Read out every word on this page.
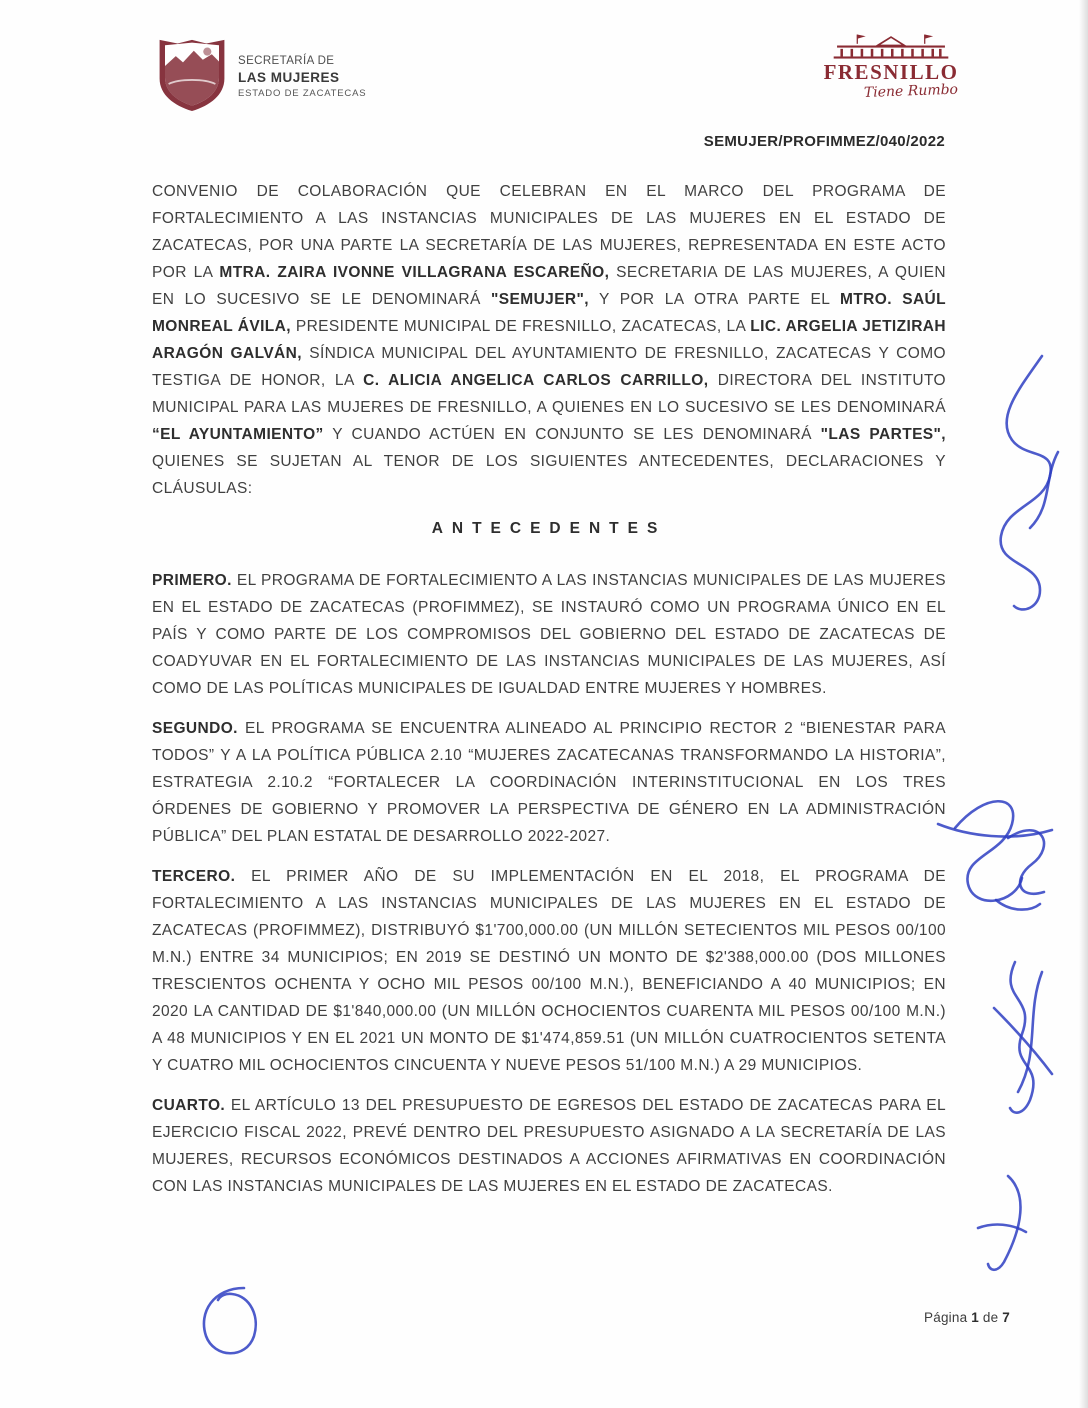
SECRETARÍA DE
LAS MUJERES
ESTADO DE ZACATECAS
FRESNILLO
Tiene Rumbo
SEMUJER/PROFIMMEZ/040/2022

CONVENIO DE COLABORACIÓN QUE CELEBRAN EN EL MARCO DEL PROGRAMA DE FORTALECIMIENTO A LAS INSTANCIAS MUNICIPALES DE LAS MUJERES EN EL ESTADO DE ZACATECAS, POR UNA PARTE LA SECRETARÍA DE LAS MUJERES, REPRESENTADA EN ESTE ACTO POR LA MTRA. ZAIRA IVONNE VILLAGRANA ESCAREÑO, SECRETARIA DE LAS MUJERES, A QUIEN EN LO SUCESIVO SE LE DENOMINARÁ "SEMUJER", Y POR LA OTRA PARTE EL MTRO. SAÚL MONREAL ÁVILA, PRESIDENTE MUNICIPAL DE FRESNILLO, ZACATECAS, LA LIC. ARGELIA JETIZIRAH ARAGÓN GALVÁN, SÍNDICA MUNICIPAL DEL AYUNTAMIENTO DE FRESNILLO, ZACATECAS Y COMO TESTIGA DE HONOR, LA C. ALICIA ANGELICA CARLOS CARRILLO, DIRECTORA DEL INSTITUTO MUNICIPAL PARA LAS MUJERES DE FRESNILLO, A QUIENES EN LO SUCESIVO SE LES DENOMINARÁ “EL AYUNTAMIENTO” Y CUANDO ACTÚEN EN CONJUNTO SE LES DENOMINARÁ "LAS PARTES", QUIENES SE SUJETAN AL TENOR DE LOS SIGUIENTES ANTECEDENTES, DECLARACIONES Y CLÁUSULAS:

ANTECEDENTES

PRIMERO. EL PROGRAMA DE FORTALECIMIENTO A LAS INSTANCIAS MUNICIPALES DE LAS MUJERES EN EL ESTADO DE ZACATECAS (PROFIMMEZ), SE INSTAURÓ COMO UN PROGRAMA ÚNICO EN EL PAÍS Y COMO PARTE DE LOS COMPROMISOS DEL GOBIERNO DEL ESTADO DE ZACATECAS DE COADYUVAR EN EL FORTALECIMIENTO DE LAS INSTANCIAS MUNICIPALES DE LAS MUJERES, ASÍ COMO DE LAS POLÍTICAS MUNICIPALES DE IGUALDAD ENTRE MUJERES Y HOMBRES.

SEGUNDO. EL PROGRAMA SE ENCUENTRA ALINEADO AL PRINCIPIO RECTOR 2 “BIENESTAR PARA TODOS” Y A LA POLÍTICA PÚBLICA 2.10 “MUJERES ZACATECANAS TRANSFORMANDO LA HISTORIA”, ESTRATEGIA 2.10.2 “FORTALECER LA COORDINACIÓN INTERINSTITUCIONAL EN LOS TRES ÓRDENES DE GOBIERNO Y PROMOVER LA PERSPECTIVA DE GÉNERO EN LA ADMINISTRACIÓN PÚBLICA” DEL PLAN ESTATAL DE DESARROLLO 2022-2027.

TERCERO. EL PRIMER AÑO DE SU IMPLEMENTACIÓN EN EL 2018, EL PROGRAMA DE FORTALECIMIENTO A LAS INSTANCIAS MUNICIPALES DE LAS MUJERES EN EL ESTADO DE ZACATECAS (PROFIMMEZ), DISTRIBUYÓ $1'700,000.00 (UN MILLÓN SETECIENTOS MIL PESOS 00/100 M.N.) ENTRE 34 MUNICIPIOS; EN 2019 SE DESTINÓ UN MONTO DE $2'388,000.00 (DOS MILLONES TRESCIENTOS OCHENTA Y OCHO MIL PESOS 00/100 M.N.), BENEFICIANDO A 40 MUNICIPIOS; EN 2020 LA CANTIDAD DE $1'840,000.00 (UN MILLÓN OCHOCIENTOS CUARENTA MIL PESOS 00/100 M.N.) A 48 MUNICIPIOS Y EN EL 2021 UN MONTO DE $1'474,859.51 (UN MILLÓN CUATROCIENTOS SETENTA Y CUATRO MIL OCHOCIENTOS CINCUENTA Y NUEVE PESOS 51/100 M.N.) A 29 MUNICIPIOS.

CUARTO. EL ARTÍCULO 13 DEL PRESUPUESTO DE EGRESOS DEL ESTADO DE ZACATECAS PARA EL EJERCICIO FISCAL 2022, PREVÉ DENTRO DEL PRESUPUESTO ASIGNADO A LA SECRETARÍA DE LAS MUJERES, RECURSOS ECONÓMICOS DESTINADOS A ACCIONES AFIRMATIVAS EN COORDINACIÓN CON LAS INSTANCIAS MUNICIPALES DE LAS MUJERES EN EL ESTADO DE ZACATECAS.

Página 1 de 7
